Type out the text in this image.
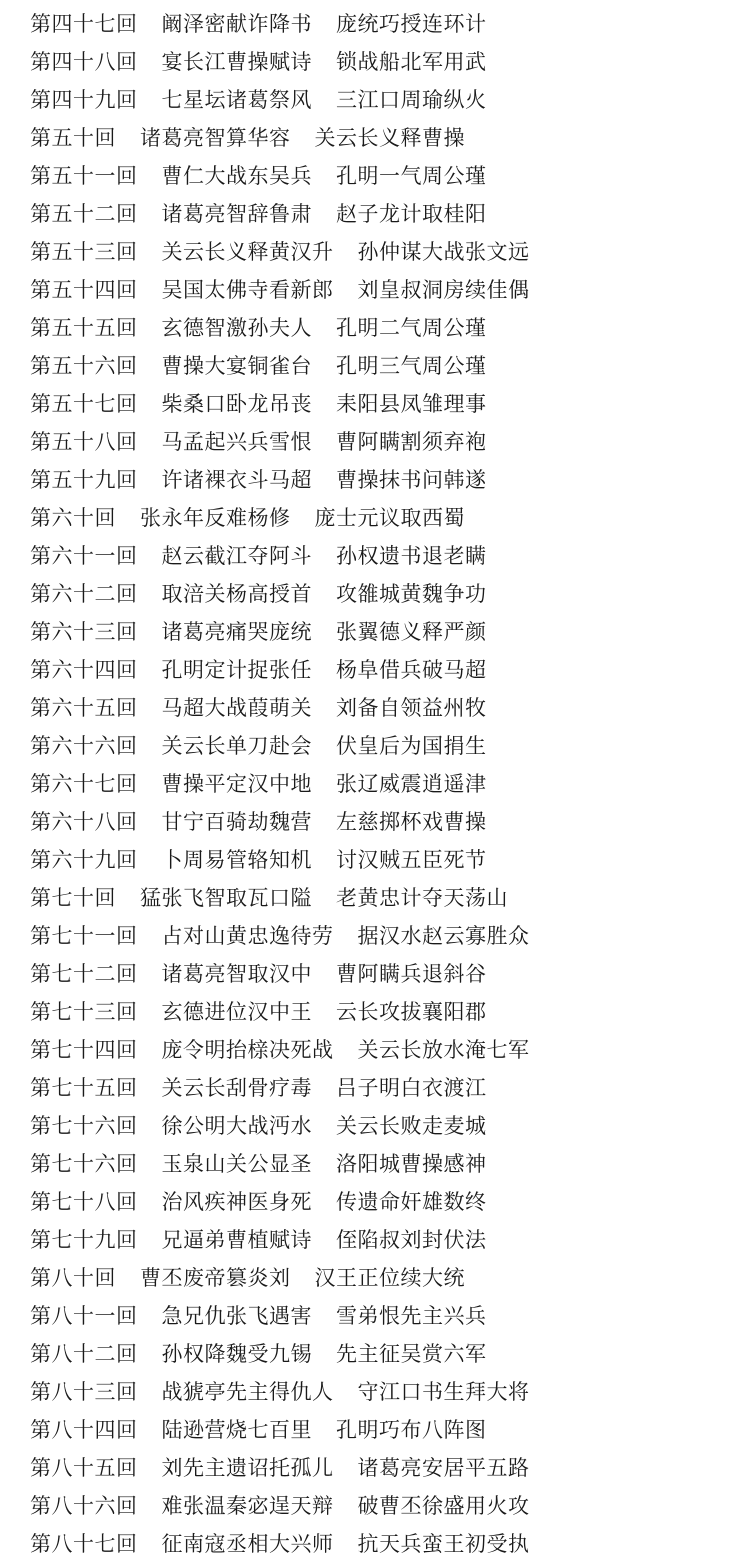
第四十七回 阚泽密献诈降书 庞统巧授连环计
第四十八回 宴长江曹操赋诗 锁战船北军用武
第四十九回 七星坛诸葛祭风 三江口周瑜纵火
第五十回 诸葛亮智算华容 关云长义释曹操
第五十一回 曹仁大战东吴兵 孔明一气周公瑾
第五十二回 诸葛亮智辞鲁肃 赵子龙计取桂阳
第五十三回 关云长义释黄汉升 孙仲谋大战张文远
第五十四回 吴国太佛寺看新郎 刘皇叔洞房续佳偶
第五十五回 玄德智激孙夫人 孔明二气周公瑾
第五十六回 曹操大宴铜雀台 孔明三气周公瑾
第五十七回 柴桑口卧龙吊丧 耒阳县凤雏理事
第五十八回 马孟起兴兵雪恨 曹阿瞒割须弃袍
第五十九回 许诸裸衣斗马超 曹操抹书问韩遂
第六十回 张永年反难杨修 庞士元议取西蜀
第六十一回 赵云截江夺阿斗 孙权遗书退老瞒
第六十二回 取涪关杨高授首 攻雒城黄魏争功
第六十三回 诸葛亮痛哭庞统 张翼德义释严颜
第六十四回 孔明定计捉张任 杨阜借兵破马超
第六十五回 马超大战葭萌关 刘备自领益州牧
第六十六回 关云长单刀赴会 伏皇后为国捐生
第六十七回 曹操平定汉中地 张辽威震逍遥津
第六十八回 甘宁百骑劫魏营 左慈掷杯戏曹操
第六十九回 卜周易管辂知机 讨汉贼五臣死节
第七十回 猛张飞智取瓦口隘 老黄忠计夺天荡山
第七十一回 占对山黄忠逸待劳 据汉水赵云寡胜众
第七十二回 诸葛亮智取汉中 曹阿瞒兵退斜谷
第七十三回 玄德进位汉中王 云长攻拔襄阳郡
第七十四回 庞令明抬榇决死战 关云长放水淹七军
第七十五回 关云长刮骨疗毒 吕子明白衣渡江
第七十六回 徐公明大战沔水 关云长败走麦城
第七十六回 玉泉山关公显圣 洛阳城曹操感神
第七十八回 治风疾神医身死 传遗命奸雄数终
第七十九回 兄逼弟曹植赋诗 侄陷叔刘封伏法
第八十回 曹丕废帝篡炎刘 汉王正位续大统
第八十一回 急兄仇张飞遇害 雪弟恨先主兴兵
第八十二回 孙权降魏受九锡 先主征吴赏六军
第八十三回 战猇亭先主得仇人 守江口书生拜大将
第八十四回 陆逊营烧七百里 孔明巧布八阵图
第八十五回 刘先主遗诏托孤儿 诸葛亮安居平五路
第八十六回 难张温秦宓逞天辩 破曹丕徐盛用火攻
第八十七回 征南寇丞相大兴师 抗天兵蛮王初受执
